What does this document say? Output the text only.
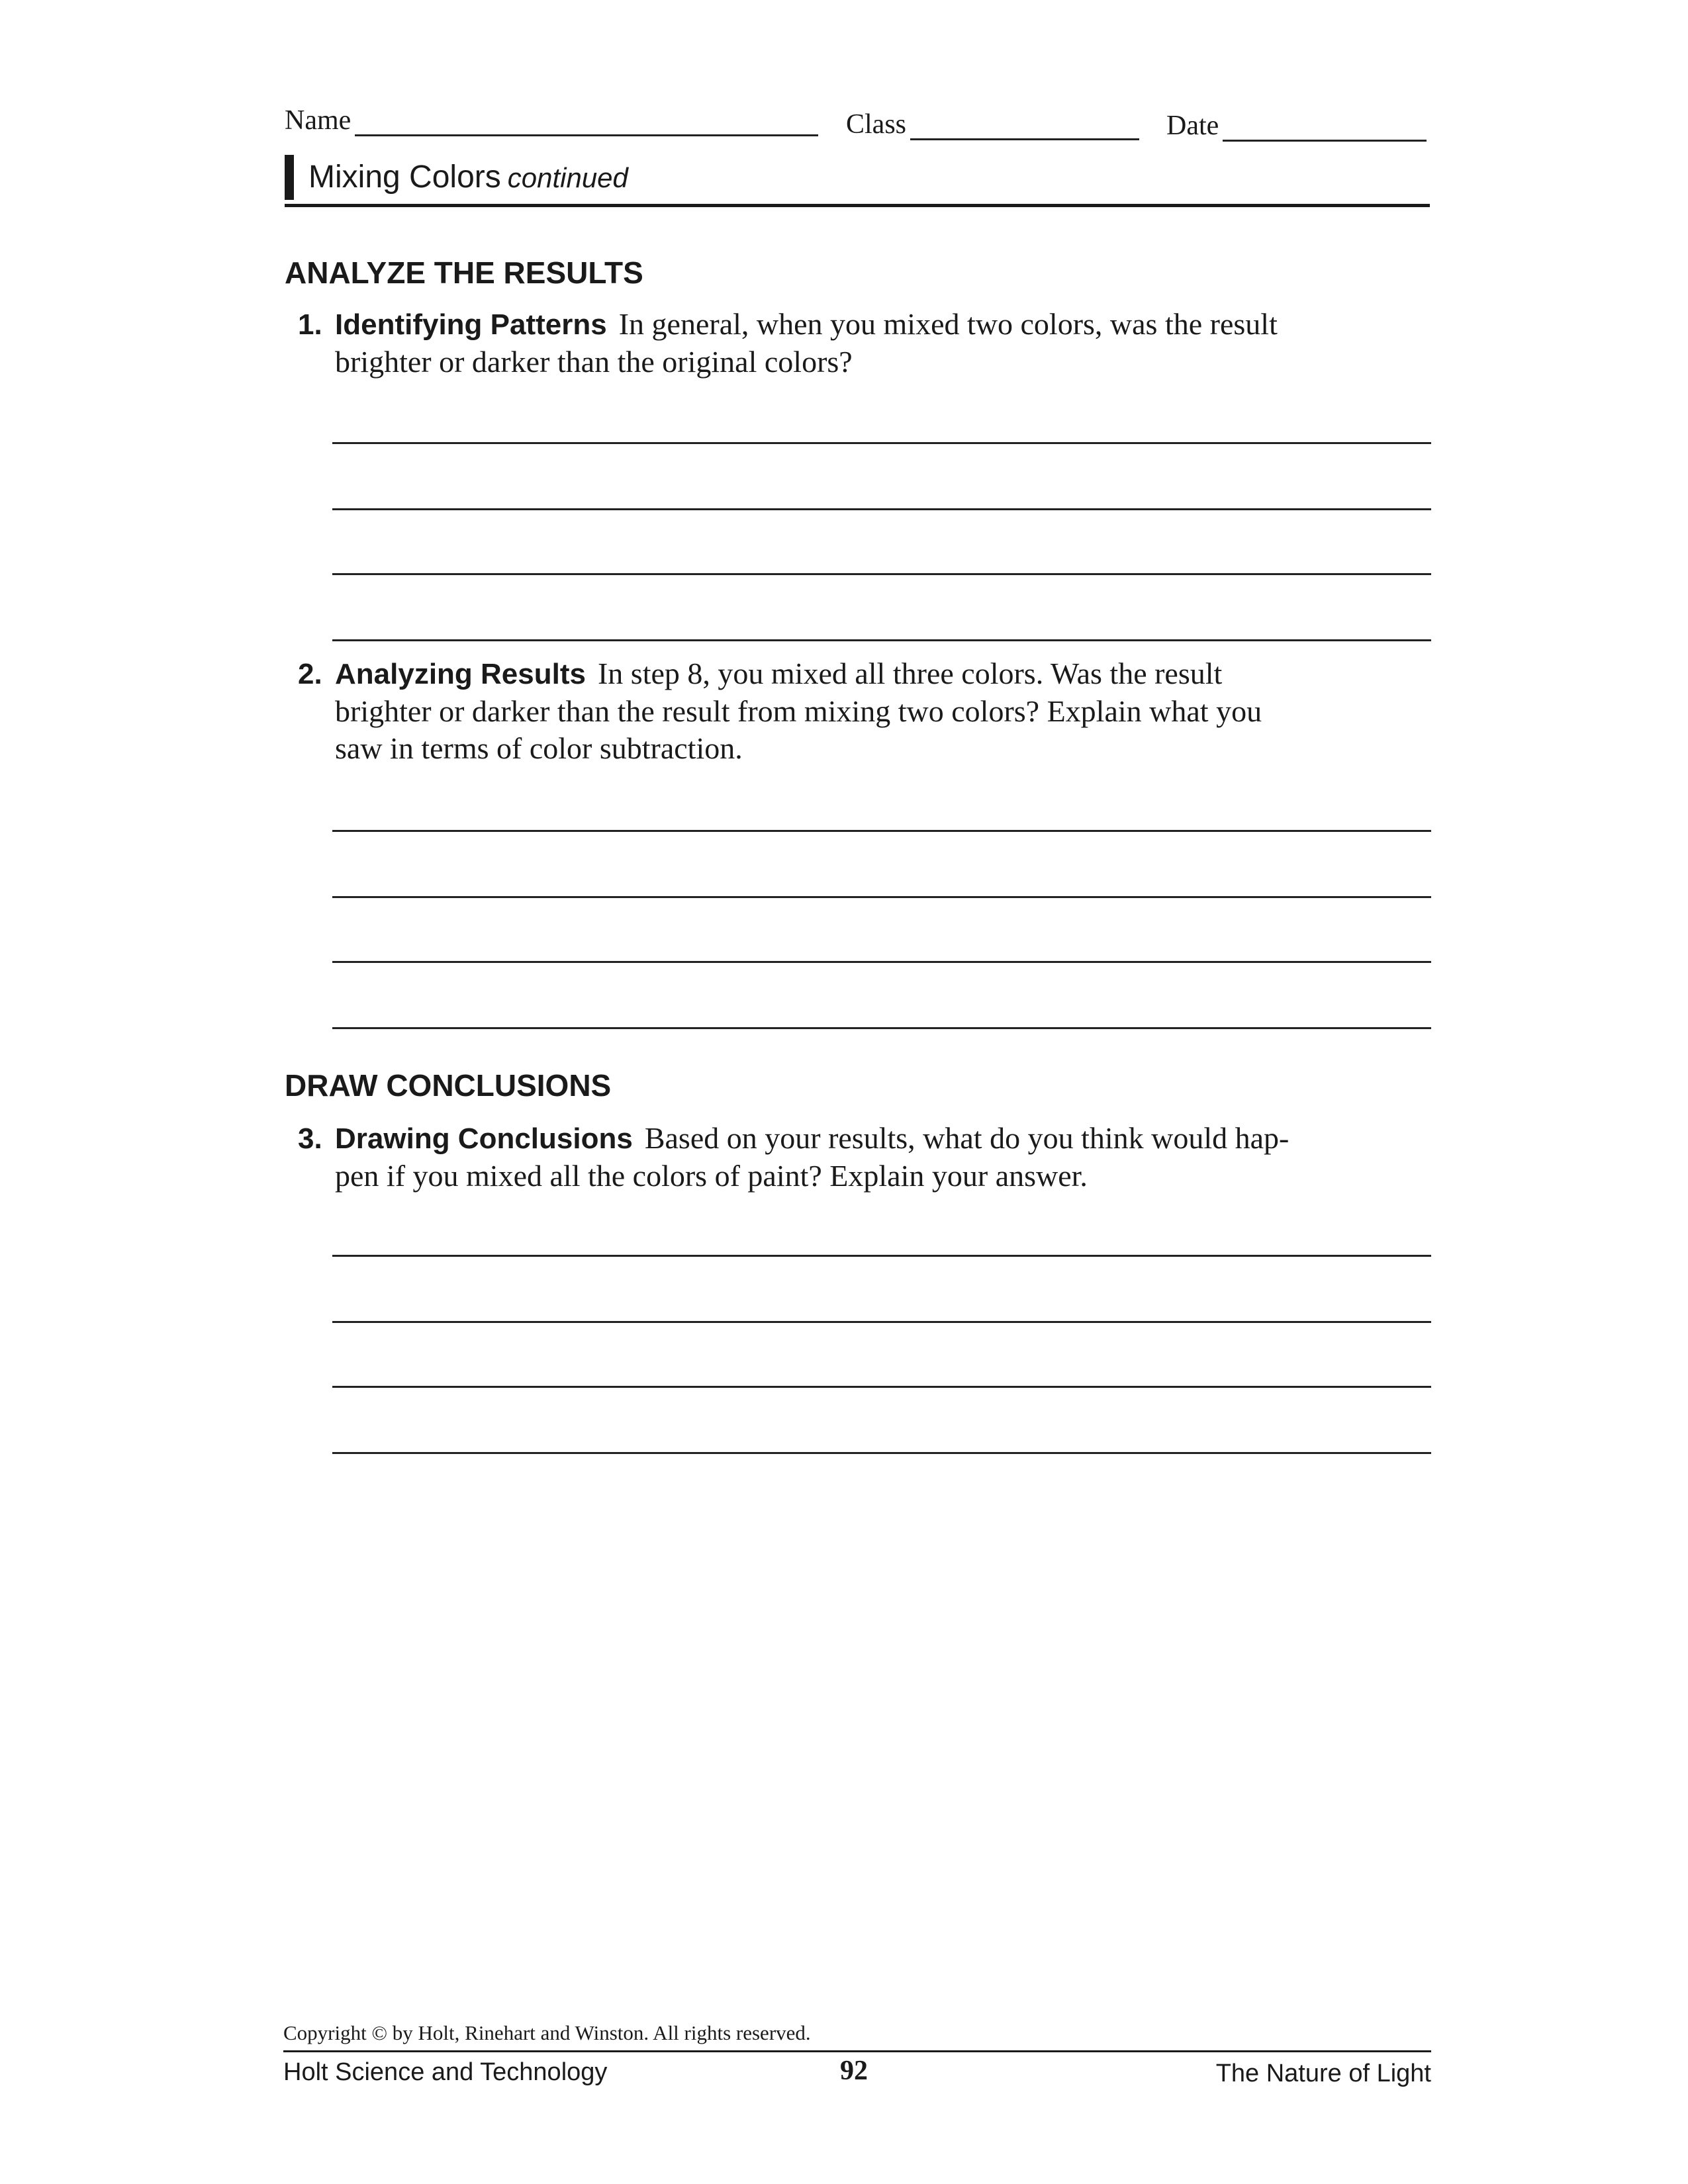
Name	Class	Date
Mixing Colors continued
ANALYZE THE RESULTS
1. Identifying Patterns In general, when you mixed two colors, was the result
brighter or darker than the original colors?
2. Analyzing Results In step 8, you mixed all three colors. Was the result
brighter or darker than the result from mixing two colors? Explain what you
saw in terms of color subtraction.
DRAW CONCLUSIONS
3. Drawing Conclusions Based on your results, what do you think would hap-
pen if you mixed all the colors of paint? Explain your answer.
Copyright © by Holt, Rinehart and Winston. All rights reserved.
Holt Science and Technology	92	The Nature of Light
